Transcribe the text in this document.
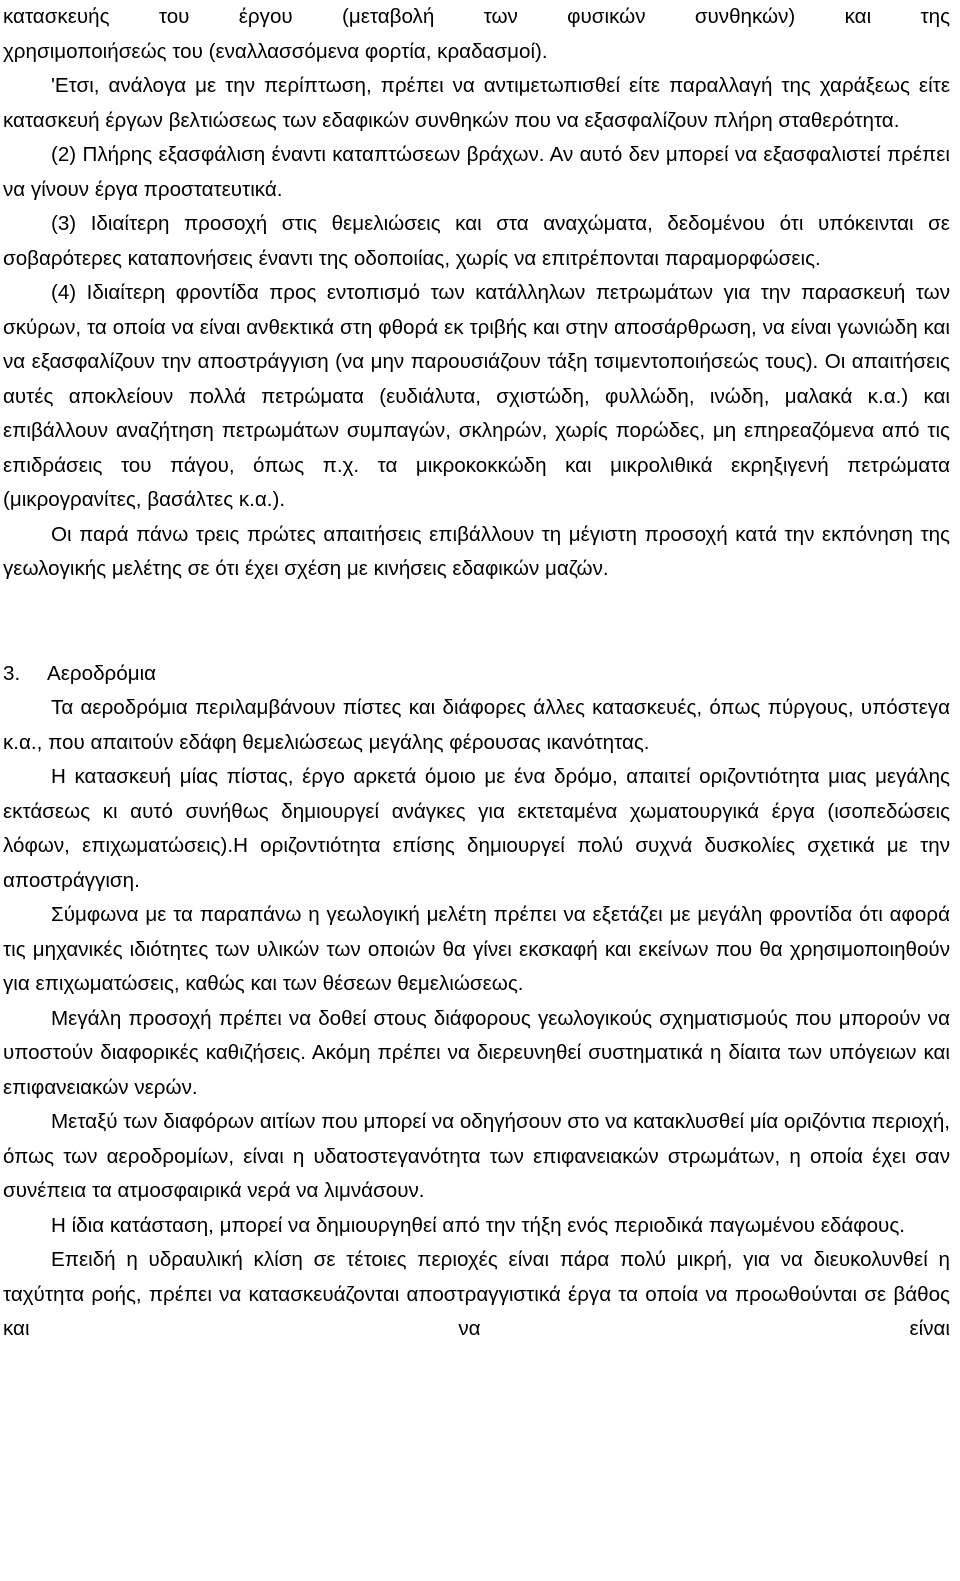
κατασκευής του έργου (μεταβολή των φυσικών συνθηκών) και της

χρησιμοποιήσεώς του (εναλλασσόμενα φορτία, κραδασμοί).

'Ετσι, ανάλογα με την περίπτωση, πρέπει να αντιμετωπισθεί είτε παραλλαγή της χαράξεως είτε κατασκευή έργων βελτιώσεως των εδαφικών συνθηκών που να εξασφαλίζουν πλήρη σταθερότητα.

(2) Πλήρης εξασφάλιση έναντι καταπτώσεων βράχων. Αν αυτό δεν μπορεί να εξασφαλιστεί πρέπει να γίνουν έργα προστατευτικά.

(3) Ιδιαίτερη προσοχή στις θεμελιώσεις και στα αναχώματα, δεδομένου ότι υπόκεινται σε σοβαρότερες καταπονήσεις έναντι της οδοποιίας, χωρίς να επιτρέπονται παραμορφώσεις.

(4) Ιδιαίτερη φροντίδα προς εντοπισμό των κατάλληλων πετρωμάτων για την παρασκευή των σκύρων, τα οποία να είναι ανθεκτικά στη φθορά εκ τριβής και στην αποσάρθρωση, να είναι γωνιώδη και να εξασφαλίζουν την αποστράγγιση (να μην παρουσιάζουν τάξη τσιμεντοποιήσεώς τους). Οι απαιτήσεις αυτές αποκλείουν πολλά πετρώματα (ευδιάλυτα, σχιστώδη, φυλλώδη, ινώδη, μαλακά κ.α.) και επιβάλλουν αναζήτηση πετρωμάτων συμπαγών, σκληρών, χωρίς πορώδες, μη επηρεαζόμενα από τις επιδράσεις του πάγου, όπως π.χ. τα μικροκοκκώδη και μικρολιθικά εκρηξιγενή πετρώματα (μικρογρανίτες, βασάλτες κ.α.).

Οι παρά πάνω τρεις πρώτες απαιτήσεις επιβάλλουν τη μέγιστη προσοχή κατά την εκπόνηση της γεωλογικής μελέτης σε ότι έχει σχέση με κινήσεις εδαφικών μαζών.

3. Αεροδρόμια

Τα αεροδρόμια περιλαμβάνουν πίστες και διάφορες άλλες κατασκευές, όπως πύργους, υπόστεγα κ.α., που απαιτούν εδάφη θεμελιώσεως μεγάλης φέρουσας ικανότητας.

Η κατασκευή μίας πίστας, έργο αρκετά όμοιο με ένα δρόμο, απαιτεί οριζοντιότητα μιας μεγάλης εκτάσεως κι αυτό συνήθως δημιουργεί ανάγκες για εκτεταμένα χωματουργικά έργα (ισοπεδώσεις λόφων, επιχωματώσεις).Η οριζοντιότητα επίσης δημιουργεί πολύ συχνά δυσκολίες σχετικά με την αποστράγγιση.

Σύμφωνα με τα παραπάνω η γεωλογική μελέτη πρέπει να εξετάζει με μεγάλη φροντίδα ότι αφορά τις μηχανικές ιδιότητες των υλικών των οποιών θα γίνει εκσκαφή και εκείνων που θα χρησιμοποιηθούν για επιχωματώσεις, καθώς και των θέσεων θεμελιώσεως.

Μεγάλη προσοχή πρέπει να δοθεί στους διάφορους γεωλογικούς σχηματισμούς που μπορούν να υποστούν διαφορικές καθιζήσεις. Ακόμη πρέπει να διερευνηθεί συστηματικά η δίαιτα των υπόγειων και επιφανειακών νερών.

Μεταξύ των διαφόρων αιτίων που μπορεί να οδηγήσουν στο να κατακλυσθεί μία οριζόντια περιοχή, όπως των αεροδρομίων, είναι η υδατοστεγανότητα των επιφανειακών στρωμάτων, η οποία έχει σαν συνέπεια τα ατμοσφαιρικά νερά να λιμνάσουν.

Η ίδια κατάσταση, μπορεί να δημιουργηθεί από την τήξη ενός περιοδικά παγωμένου εδάφους.

Επειδή η υδραυλική κλίση σε τέτοιες περιοχές είναι πάρα πολύ μικρή, για να διευκολυνθεί η ταχύτητα ροής, πρέπει να κατασκευάζονται αποστραγγιστικά έργα τα οποία να προωθούνται σε βάθος και να είναι
